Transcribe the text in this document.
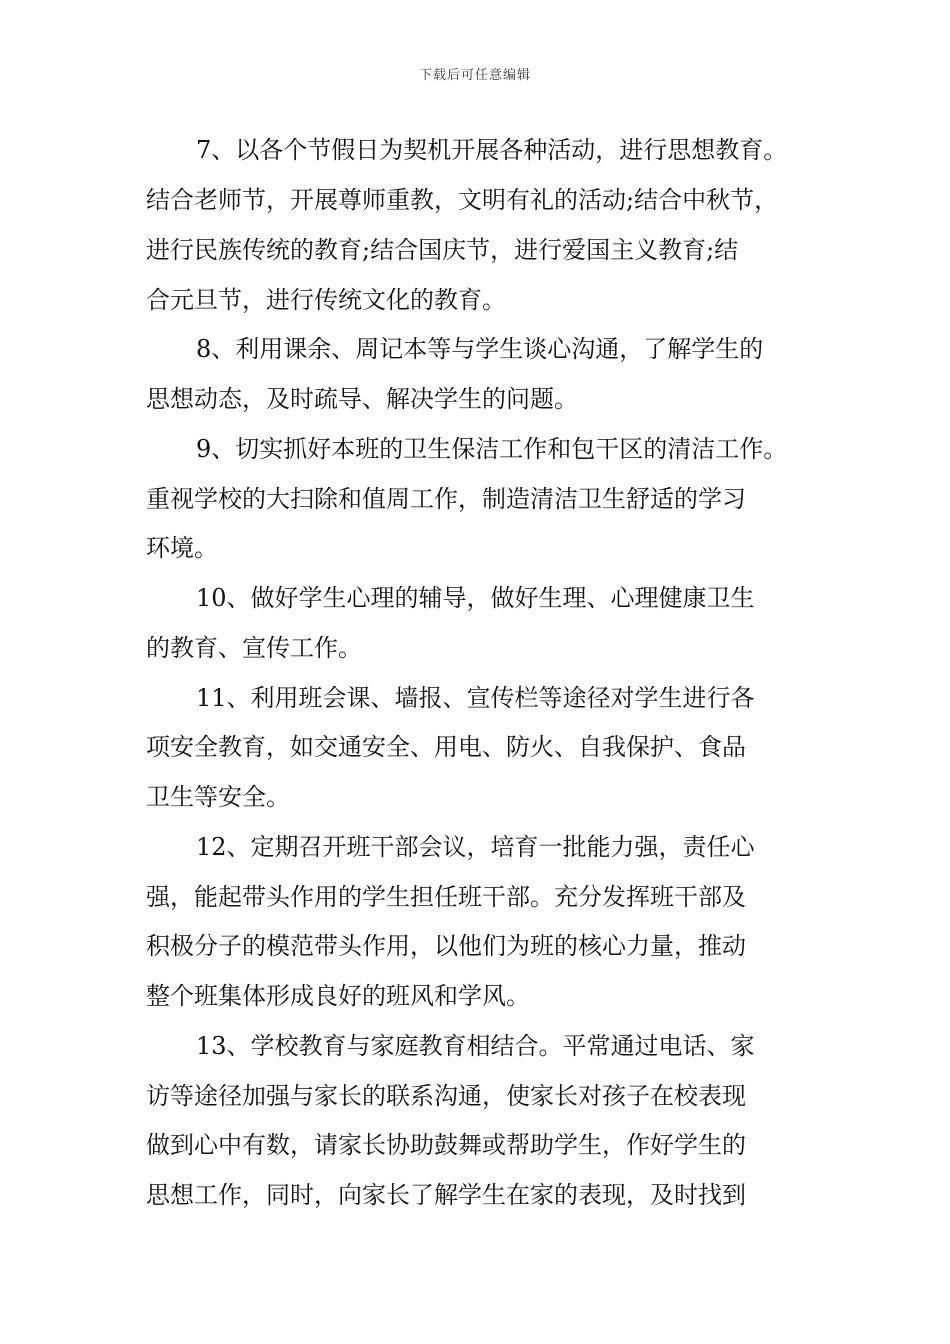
下载后可任意编辑
7、以各个节假日为契机开展各种活动，进行思想教育。
结合老师节，开展尊师重教，文明有礼的活动;结合中秋节，
进行民族传统的教育;结合国庆节，进行爱国主义教育;结
合元旦节，进行传统文化的教育。
8、利用课余、周记本等与学生谈心沟通，了解学生的
思想动态，及时疏导、解决学生的问题。
9、切实抓好本班的卫生保洁工作和包干区的清洁工作。
重视学校的大扫除和值周工作，制造清洁卫生舒适的学习
环境。
10、做好学生心理的辅导，做好生理、心理健康卫生
的教育、宣传工作。
11、利用班会课、墙报、宣传栏等途径对学生进行各
项安全教育，如交通安全、用电、防火、自我保护、食品
卫生等安全。
12、定期召开班干部会议，培育一批能力强，责任心
强，能起带头作用的学生担任班干部。充分发挥班干部及
积极分子的模范带头作用，以他们为班的核心力量，推动
整个班集体形成良好的班风和学风。
13、学校教育与家庭教育相结合。平常通过电话、家
访等途径加强与家长的联系沟通，使家长对孩子在校表现
做到心中有数，请家长协助鼓舞或帮助学生，作好学生的
思想工作，同时，向家长了解学生在家的表现，及时找到
